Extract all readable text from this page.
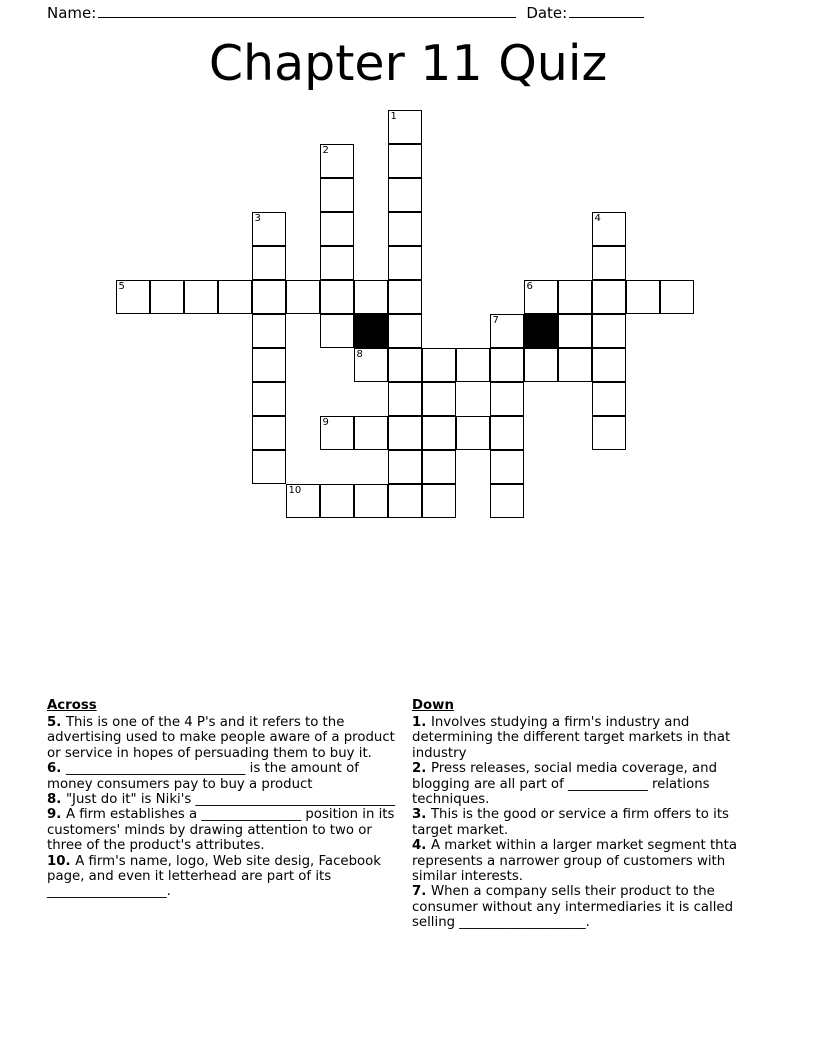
Name:	Date:
Chapter 11 Quiz
1
2
3	4
5	6
7
8
9
10
Across

5. This is one of the 4 P's and it refers to the advertising used to make people aware of a product or service in hopes of persuading them to buy it.

6. ___________________________ is the amount of money consumers pay to buy a product

8. "Just do it" is Niki's ______________________________

9. A firm establishes a _______________ position in its customers' minds by drawing attention to two or three of the product's attributes.

10. A firm's name, logo, Web site desig, Facebook page, and even it letterhead are part of its __________________.

Down

1. Involves studying a firm's industry and determining the different target markets in that industry

2. Press releases, social media coverage, and blogging are all part of ____________ relations techniques.

3. This is the good or service a firm offers to its target market.

4. A market within a larger market segment thta represents a narrower group of customers with similar interests.

7. When a company sells their product to the consumer without any intermediaries it is called selling ___________________.
